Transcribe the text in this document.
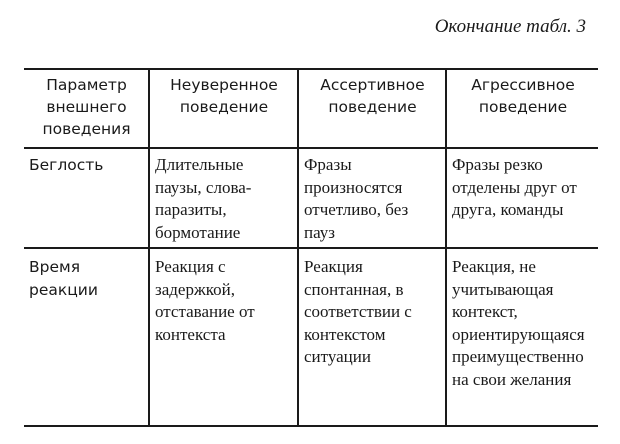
Окончание табл. 3
Параметр внешнего поведения	Неуверенное поведение	Ассертивное поведение	Агрессивное поведение
Беглость	Длительные паузы, слова-паразиты, бормотание	Фразы произносятся отчетливо, без пауз	Фразы резко отделены друг от друга, команды
Время реакции	Реакция с задержкой, отставание от контекста	Реакция спонтанная, в соответствии с контекстом ситуации	Реакция, не учитывающая контекст, ориентирующаяся преимущественно на свои желания
